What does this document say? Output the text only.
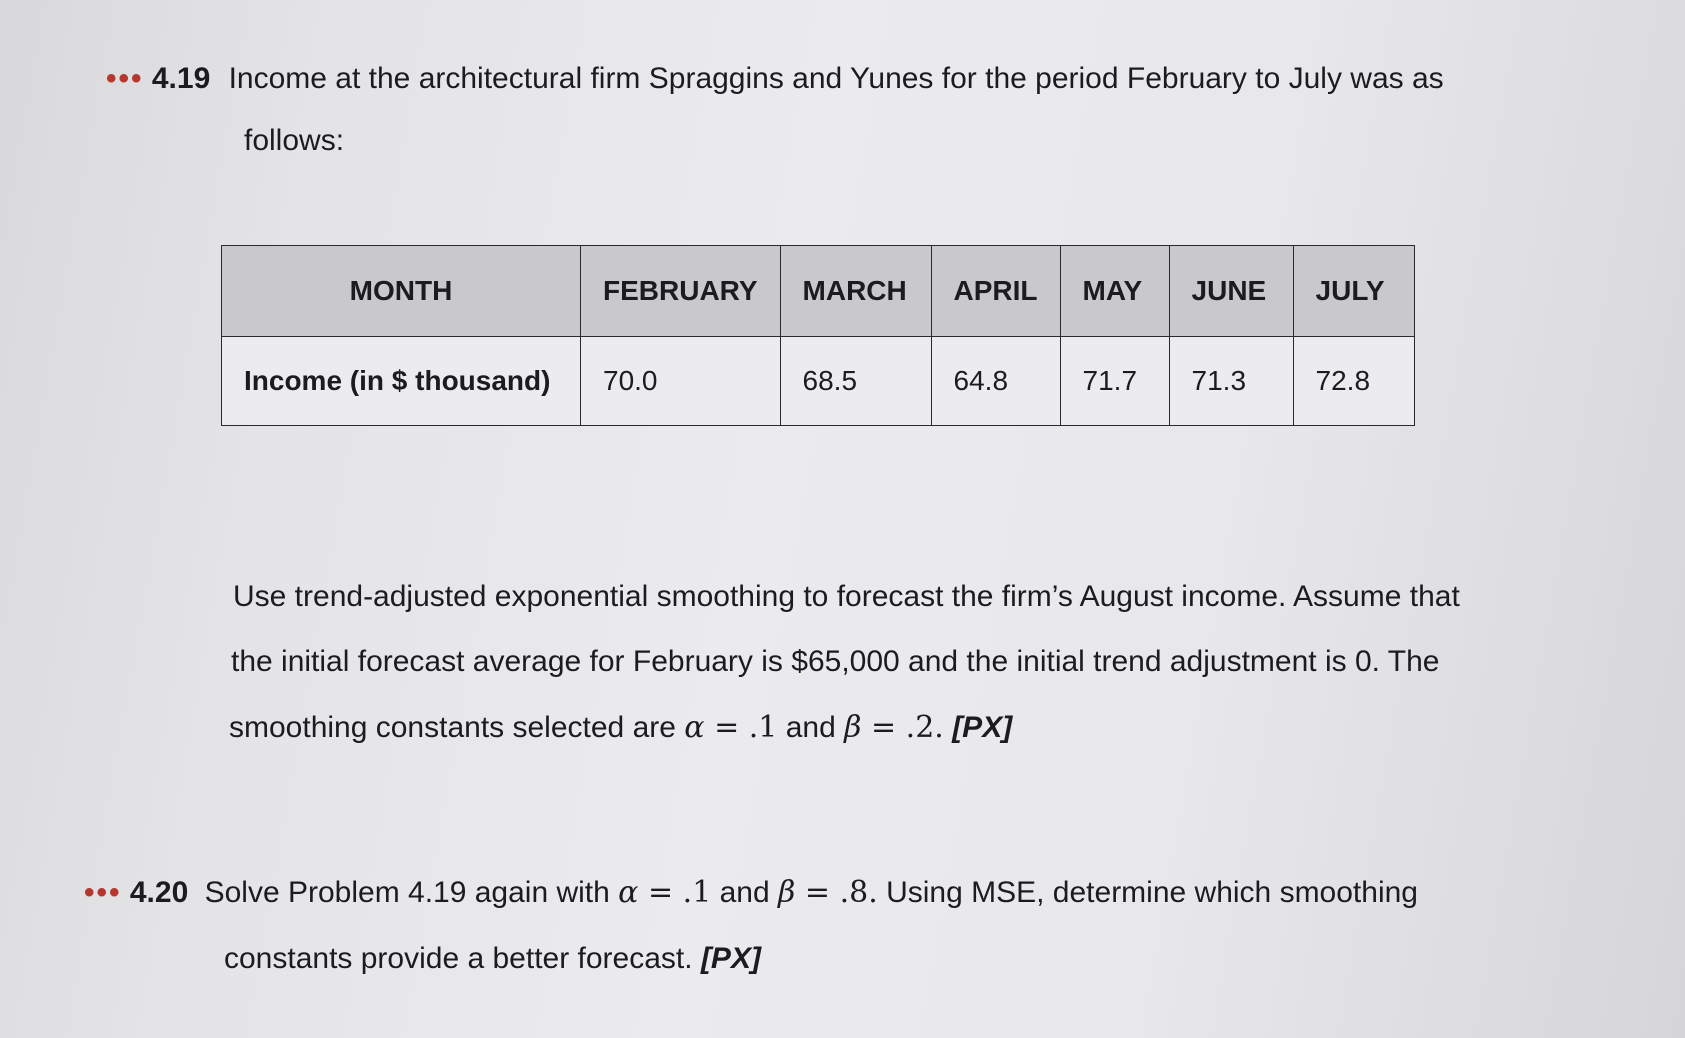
••• 4.19 Income at the architectural firm Spraggins and Yunes for the period February to July was as
follows:
MONTH	FEBRUARY	MARCH	APRIL	MAY	JUNE	JULY
Income (in $ thousand)	70.0	68.5	64.8	71.7	71.3	72.8
Use trend-adjusted exponential smoothing to forecast the firm’s August income. Assume that
the initial forecast average for February is $65,000 and the initial trend adjustment is 0. The
smoothing constants selected are α = .1 and β = .2. [PX]
••• 4.20 Solve Problem 4.19 again with α = .1 and β = .8. Using MSE, determine which smoothing
constants provide a better forecast. [PX]
